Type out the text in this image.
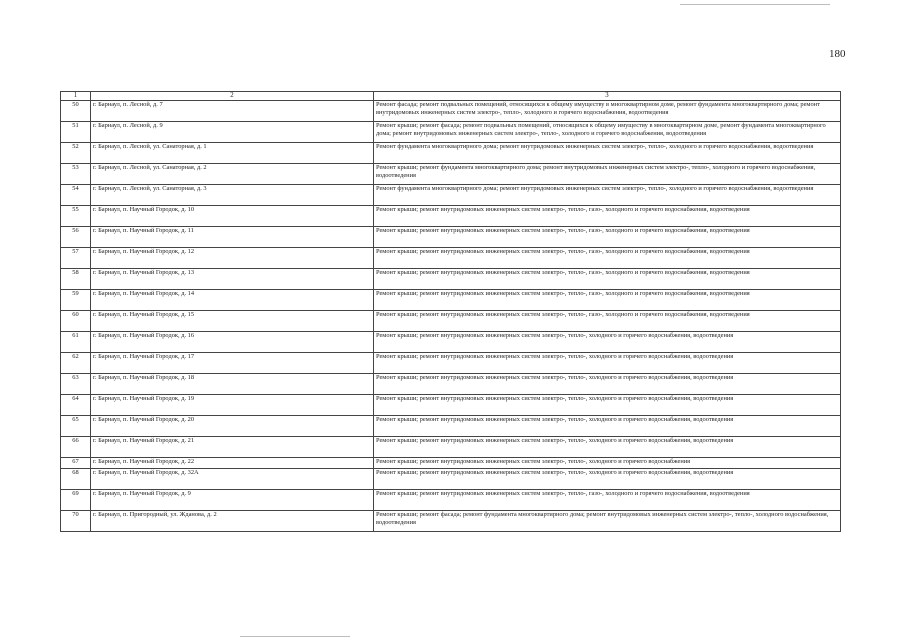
180
1	2	3
50	г. Барнаул, п. Лесной, д. 7	Ремонт фасада; ремонт подвальных помещений, относящихся к общему имуществу в многоквартирном доме, ремонт фундамента многоквартирного дома; ремонт внутридомовых инженерных систем электро-, тепло-, холодного и горячего водоснабжения, водоотведения
51	г. Барнаул, п. Лесной, д. 9	Ремонт крыши; ремонт фасада; ремонт подвальных помещений, относящихся к общему имуществу в многоквартирном доме, ремонт фундамента многоквартирного дома; ремонт внутридомовых инженерных систем электро-, тепло-, холодного и горячего водоснабжения, водоотведения
52	г. Барнаул, п. Лесной, ул. Санаторная, д. 1	Ремонт фундамента многоквартирного дома; ремонт внутридомовых инженерных систем электро-, тепло-, холодного и горячего водоснабжения, водоотведения
53	г. Барнаул, п. Лесной, ул. Санаторная, д. 2	Ремонт крыши; ремонт фундамента многоквартирного дома; ремонт внутридомовых инженерных систем электро-, тепло-, холодного и горячего водоснабжения, водоотведения
54	г. Барнаул, п. Лесной, ул. Санаторная, д. 3	Ремонт фундамента многоквартирного дома; ремонт внутридомовых инженерных систем электро-, тепло-, холодного и горячего водоснабжения, водоотведения
55	г. Барнаул, п. Научный Городок, д. 10	Ремонт крыши; ремонт внутридомовых инженерных систем электро-, тепло-, газо-, холодного и горячего водоснабжения, водоотведения
56	г. Барнаул, п. Научный Городок, д. 11	Ремонт крыши; ремонт внутридомовых инженерных систем электро-, тепло-, газо-, холодного и горячего водоснабжения, водоотведения
57	г. Барнаул, п. Научный Городок, д. 12	Ремонт крыши; ремонт внутридомовых инженерных систем электро-, тепло-, газо-, холодного и горячего водоснабжения, водоотведения
58	г. Барнаул, п. Научный Городок, д. 13	Ремонт крыши; ремонт внутридомовых инженерных систем электро-, тепло-, газо-, холодного и горячего водоснабжения, водоотведения
59	г. Барнаул, п. Научный Городок, д. 14	Ремонт крыши; ремонт внутридомовых инженерных систем электро-, тепло-, газо-, холодного и горячего водоснабжения, водоотведения
60	г. Барнаул, п. Научный Городок, д. 15	Ремонт крыши; ремонт внутридомовых инженерных систем электро-, тепло-, газо-, холодного и горячего водоснабжения, водоотведения
61	г. Барнаул, п. Научный Городок, д. 16	Ремонт крыши; ремонт внутридомовых инженерных систем электро-, тепло-, холодного и горячего водоснабжения, водоотведения
62	г. Барнаул, п. Научный Городок, д. 17	Ремонт крыши; ремонт внутридомовых инженерных систем электро-, тепло-, холодного и горячего водоснабжения, водоотведения
63	г. Барнаул, п. Научный Городок, д. 18	Ремонт крыши; ремонт внутридомовых инженерных систем электро-, тепло-, холодного и горячего водоснабжения, водоотведения
64	г. Барнаул, п. Научный Городок, д. 19	Ремонт крыши; ремонт внутридомовых инженерных систем электро-, тепло-, холодного и горячего водоснабжения, водоотведения
65	г. Барнаул, п. Научный Городок, д. 20	Ремонт крыши; ремонт внутридомовых инженерных систем электро-, тепло-, холодного и горячего водоснабжения, водоотведения
66	г. Барнаул, п. Научный Городок, д. 21	Ремонт крыши; ремонт внутридомовых инженерных систем электро-, тепло-, холодного и горячего водоснабжения, водоотведения
67	г. Барнаул, п. Научный Городок, д. 22	Ремонт крыши; ремонт внутридомовых инженерных систем электро-, тепло-, холодного и горячего водоснабжения
68	г. Барнаул, п. Научный Городок, д. 32А	Ремонт крыши; ремонт внутридомовых инженерных систем электро-, тепло-, холодного и горячего водоснабжения, водоотведения
69	г. Барнаул, п. Научный Городок, д. 9	Ремонт крыши; ремонт внутридомовых инженерных систем электро-, тепло-, газо-, холодного и горячего водоснабжения, водоотведения
70	г. Барнаул, п. Пригородный, ул. Жданова, д. 2	Ремонт крыши; ремонт фасада; ремонт фундамента многоквартирного дома; ремонт внутридомовых инженерных систем электро-, тепло-, холодного водоснабжения, водоотведения
